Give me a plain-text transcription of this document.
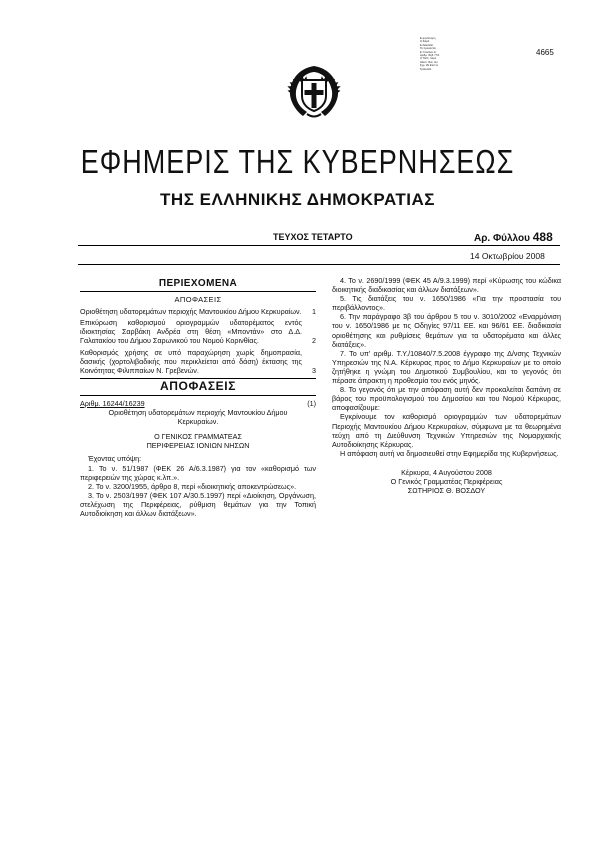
Ε φηνίτενηση
Ο διαρά
Ε διακαλάσ
Το προσαντία
Ε Υποσονύ ότ
Αριθμ. Ιδηθ. ΓΤΑ
Ο Ταλπ. παρο
Ηλεκτ. Ιδια, του
Σχρ. Ιδιί Ετια το
Τμολυσάλ
4665
ΕΦΗΜΕΡΙΣ ΤΗΣ ΚΥΒΕΡΝΗΣΕΩΣ
ΤΗΣ ΕΛΛΗΝΙΚΗΣ ΔΗΜΟΚΡΑΤΙΑΣ
ΤΕΥΧΟΣ ΤΕΤΑΡΤΟ	Αρ. Φύλλου 488
14 Οκτωβρίου 2008
ΠΕΡΙΕΧΟΜΕΝΑ
ΑΠΟΦΑΣΕΙΣ
Οριοθέτηση υδατορεμάτων περιοχής Μαντουκίου Δήμου Κερκυραίων.	1
Επικύρωση καθορισμού οριογραμμών υδατορέματος εντός ιδιοκτησίας Σαρβάκη Ανδρέα στη θέση «Μποντάν» στο Δ.Δ. Γαλατακίου του Δήμου Σαρωνικού του Νομού Κορινθίας.	2
Καθορισμός χρήσης σε υπό παραχώρηση χωρίς δημοπρασία, δασικής (χορτολιβαδικής που περικλείεται από δάση) έκτασης της Κοινότητας Φιλιππαίων Ν. Γρεβενών.	3
ΑΠΟΦΑΣΕΙΣ
Αριθμ. 16244/16239	(1)
Οριοθέτηση υδατορεμάτων περιοχής Μαντουκίου Δήμου Κερκυραίων.
Ο ΓΕΝΙΚΟΣ ΓΡΑΜΜΑΤΕΑΣ
ΠΕΡΙΦΕΡΕΙΑΣ ΙΟΝΙΩΝ ΝΗΣΩΝ

Έχοντας υπόψη:

1. Το ν. 51/1987 (ΦΕΚ 26 Α/6.3.1987) για τον «καθορισμό των περιφερειών της χώρας κ.λπ.».

2. Το ν. 3200/1955, άρθρο 8, περί «διοικητικής αποκεντρώσεως».

3. Το ν. 2503/1997 (ΦΕΚ 107 Α/30.5.1997) περί «Διοίκηση, Οργάνωση, στελέχωση της Περιφέρειας, ρύθμιση θεμάτων για την Τοπική Αυτοδιοίκηση και άλλων διατάξεων».

4. Το ν. 2690/1999 (ΦΕΚ 45 Α/9.3.1999) περί «Κύρωσης του κώδικα διοικητικής διαδικασίας και άλλων διατάξεων».

5. Τις διατάξεις του ν. 1650/1986 «Για την προστασία του περιβάλλοντος».

6. Την παράγραφο 3β του άρθρου 5 του ν. 3010/2002 «Εναρμόνιση του ν. 1650/1986 με τις Οδηγίες 97/11 ΕΕ. και 96/61 ΕΕ. διαδικασία οριοθέτησης και ρυθμίσεις θεμάτων για τα υδατορέματα και άλλες διατάξεις».

7. Το υπ' αριθμ. Τ.Υ./10840/7.5.2008 έγγραφο της Δ/νσης Τεχνικών Υπηρεσιών της Ν.Α. Κέρκυρας προς το Δήμο Κερκυραίων με το οποίο ζητήθηκε η γνώμη του Δημοτικού Συμβουλίου, και το γεγονός ότι πέρασε άπρακτη η προθεσμία του ενός μηνός.

8. Το γεγονός ότι με την απόφαση αυτή δεν προκαλείται δαπάνη σε βάρος του προϋπολογισμού του Δημοσίου και του Νομού Κέρκυρας, αποφασίζουμε:

Εγκρίνουμε τον καθορισμό οριογραμμών των υδατορεμάτων Περιοχής Μαντουκίου Δήμου Κερκυραίων, σύμφωνα με τα θεωρημένα τεύχη από τη Διεύθυνση Τεχνικών Υπηρεσιών της Νομαρχιακής Αυτοδιοίκησης Κέρκυρας.

Η απόφαση αυτή να δημοσιευθεί στην Εφημερίδα της Κυβερνήσεως.

Κέρκυρα, 4 Αυγούστου 2008
Ο Γενικός Γραμματέας Περιφέρειας
ΣΩΤΗΡΙΟΣ Θ. ΒΟΣΔΟΥ
